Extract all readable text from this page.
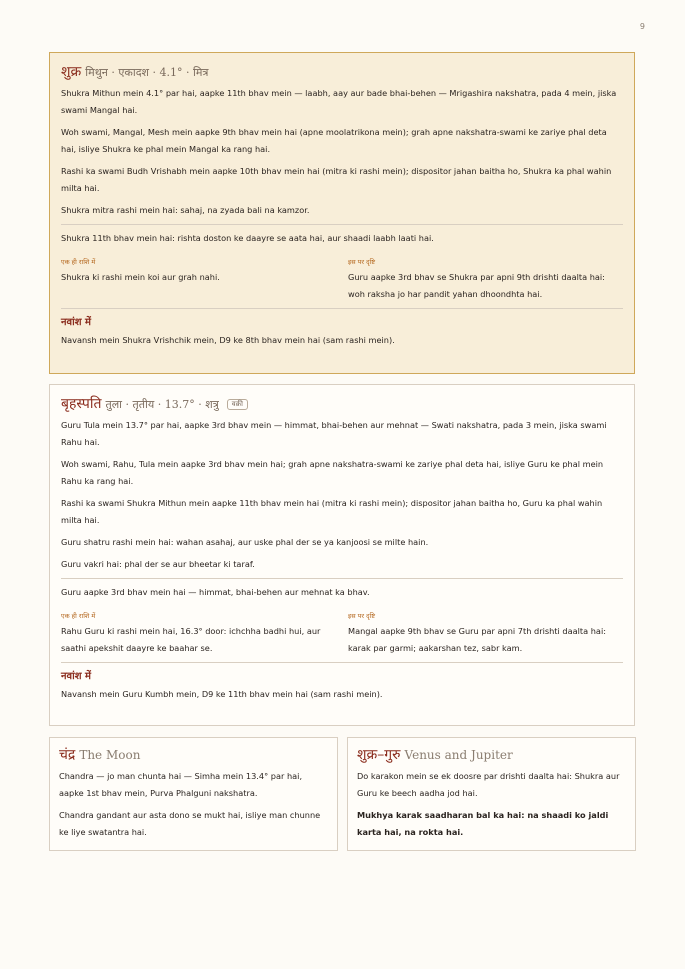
9
शुक्र मिथुन · एकादश · 4.1° · मित्र

Shukra Mithun mein 4.1° par hai, aapke 11th bhav mein — laabh, aay aur bade bhai-behen — Mrigashira nakshatra, pada 4 mein, jiska swami Mangal hai.

Woh swami, Mangal, Mesh mein aapke 9th bhav mein hai (apne moolatrikona mein); grah apne nakshatra-swami ke zariye phal deta hai, isliye Shukra ke phal mein Mangal ka rang hai.

Rashi ka swami Budh Vrishabh mein aapke 10th bhav mein hai (mitra ki rashi mein); dispositor jahan baitha ho, Shukra ka phal wahin milta hai.

Shukra mitra rashi mein hai: sahaj, na zyada bali na kamzor.

Shukra 11th bhav mein hai: rishta doston ke daayre se aata hai, aur shaadi laabh laati hai.

एक ही राशि में

Shukra ki rashi mein koi aur grah nahi.

इस पर दृष्टि

Guru aapke 3rd bhav se Shukra par apni 9th drishti daalta hai: woh raksha jo har pandit yahan dhoondhta hai.

नवांश में

Navansh mein Shukra Vrishchik mein, D9 ke 8th bhav mein hai (sam rashi mein).

बृहस्पति तुला · तृतीय · 13.7° · शत्रु	वक्री

Guru Tula mein 13.7° par hai, aapke 3rd bhav mein — himmat, bhai-behen aur mehnat — Swati nakshatra, pada 3 mein, jiska swami Rahu hai.

Woh swami, Rahu, Tula mein aapke 3rd bhav mein hai; grah apne nakshatra-swami ke zariye phal deta hai, isliye Guru ke phal mein Rahu ka rang hai.

Rashi ka swami Shukra Mithun mein aapke 11th bhav mein hai (mitra ki rashi mein); dispositor jahan baitha ho, Guru ka phal wahin milta hai.

Guru shatru rashi mein hai: wahan asahaj, aur uske phal der se ya kanjoosi se milte hain.

Guru vakri hai: phal der se aur bheetar ki taraf.

Guru aapke 3rd bhav mein hai — himmat, bhai-behen aur mehnat ka bhav.

एक ही राशि में

Rahu Guru ki rashi mein hai, 16.3° door: ichchha badhi hui, aur saathi apekshit daayre ke baahar se.

इस पर दृष्टि

Mangal aapke 9th bhav se Guru par apni 7th drishti daalta hai: karak par garmi; aakarshan tez, sabr kam.

नवांश में

Navansh mein Guru Kumbh mein, D9 ke 11th bhav mein hai (sam rashi mein).

चंद्र The Moon

Chandra — jo man chunta hai — Simha mein 13.4° par hai, aapke 1st bhav mein, Purva Phalguni nakshatra.

Chandra gandant aur asta dono se mukt hai, isliye man chunne ke liye swatantra hai.

शुक्र–गुरु Venus and Jupiter

Do karakon mein se ek doosre par drishti daalta hai: Shukra aur Guru ke beech aadha jod hai.

Mukhya karak saadharan bal ka hai: na shaadi ko jaldi karta hai, na rokta hai.
